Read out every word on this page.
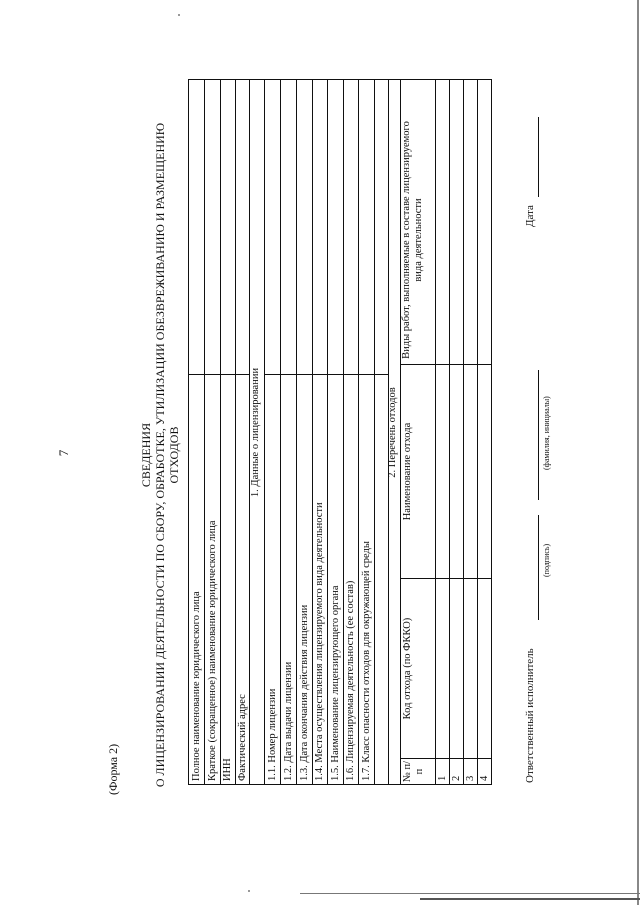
7
(Форма 2)
СВЕДЕНИЯ О ЛИЦЕНЗИРОВАНИИ ДЕЯТЕЛЬНОСТИ ПО СБОРУ, ОБРАБОТКЕ, УТИЛИЗАЦИИ ОБЕЗВРЕЖИВАНИЮ И РАЗМЕЩЕНИЮ ОТХОДОВ
Полное наименование юридического лица Краткое (сокращенное) наименование юридического лица ИНН Фактический адрес
1. Данные о лицензировании
1.1. Номер лицензии 1.2. Дата выдачи лицензии 1.3. Дата окончания действия лицензии 1.4. Места осуществления лицензируемого вида деятельности 1.5. Наименование лицензирующего органа 1.6. Лицензируемая деятельность (ее состав) 1.7. Класс опасности отходов для окружающей среды
2. Перечень отходов
№ п/п
Код отхода (по ФККО)
Наименование отхода
Виды работ, выполняемые в составе лицензируемого вида деятельности
1 2 3 4	Ответственный исполнитель
(подпись)
(фамилия, инициалы)
Дата
